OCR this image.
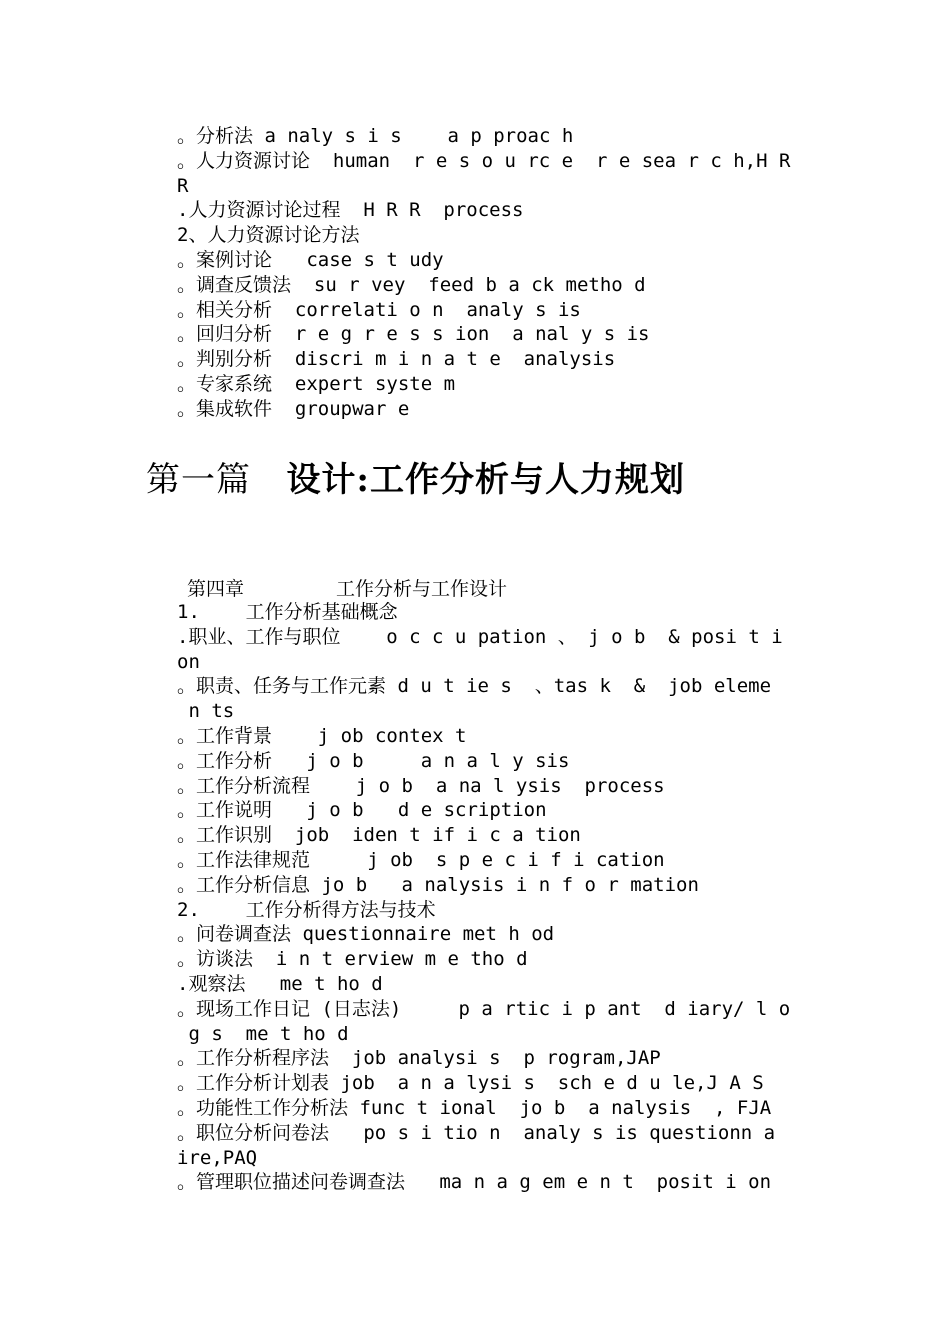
。分析法 a naly s i s    a p proac h

。人力资源讨论  human  r e s o u rc e  r e sea r c h,H R

R

.人力资源讨论过程  H R R  process

2、人力资源讨论方法

。案例讨论   case s t udy

。调查反馈法  su r vey  feed b a ck metho d

。相关分析  correlati o n  analy s is

。回归分析  r e g r e s s ion  a nal y s is

。判别分析  discri m i n a t e  analysis

。专家系统  expert syste m

。集成软件  groupwar e

第一篇 设计:工作分析与人力规划
第四章	工作分析与工作设计

1.    工作分析基础概念

.职业、工作与职位    o c c u pation 、 j o b  & posi t i

on

。职责、任务与工作元素 d u t ie s  、tas k  &  job eleme

n ts

。工作背景    j ob contex t

。工作分析   j o b     a n a l y sis

。工作分析流程    j o b  a na l ysis  process

。工作说明   j o b   d e scription

。工作识别  job  iden t if i c a tion

。工作法律规范     j ob  s p e c i f i cation

。工作分析信息 jo b   a nalysis i n f o r mation

2.    工作分析得方法与技术

。问卷调查法 questionnaire met h od

。访谈法  i n t erview m e tho d

.观察法   me t ho d

。现场工作日记 (日志法)     p a rtic i p ant  d iary/ l o

g s  me t ho d

。工作分析程序法  job analysi s  p rogram,JAP

。工作分析计划表 job  a n a lysi s  sch e d u le,J A S

。功能性工作分析法 func t ional  jo b  a nalysis  , FJA

。职位分析问卷法   po s i tio n  analy s is questionn a

ire,PAQ

。管理职位描述问卷调查法   ma n a g em e n t  posit i on
